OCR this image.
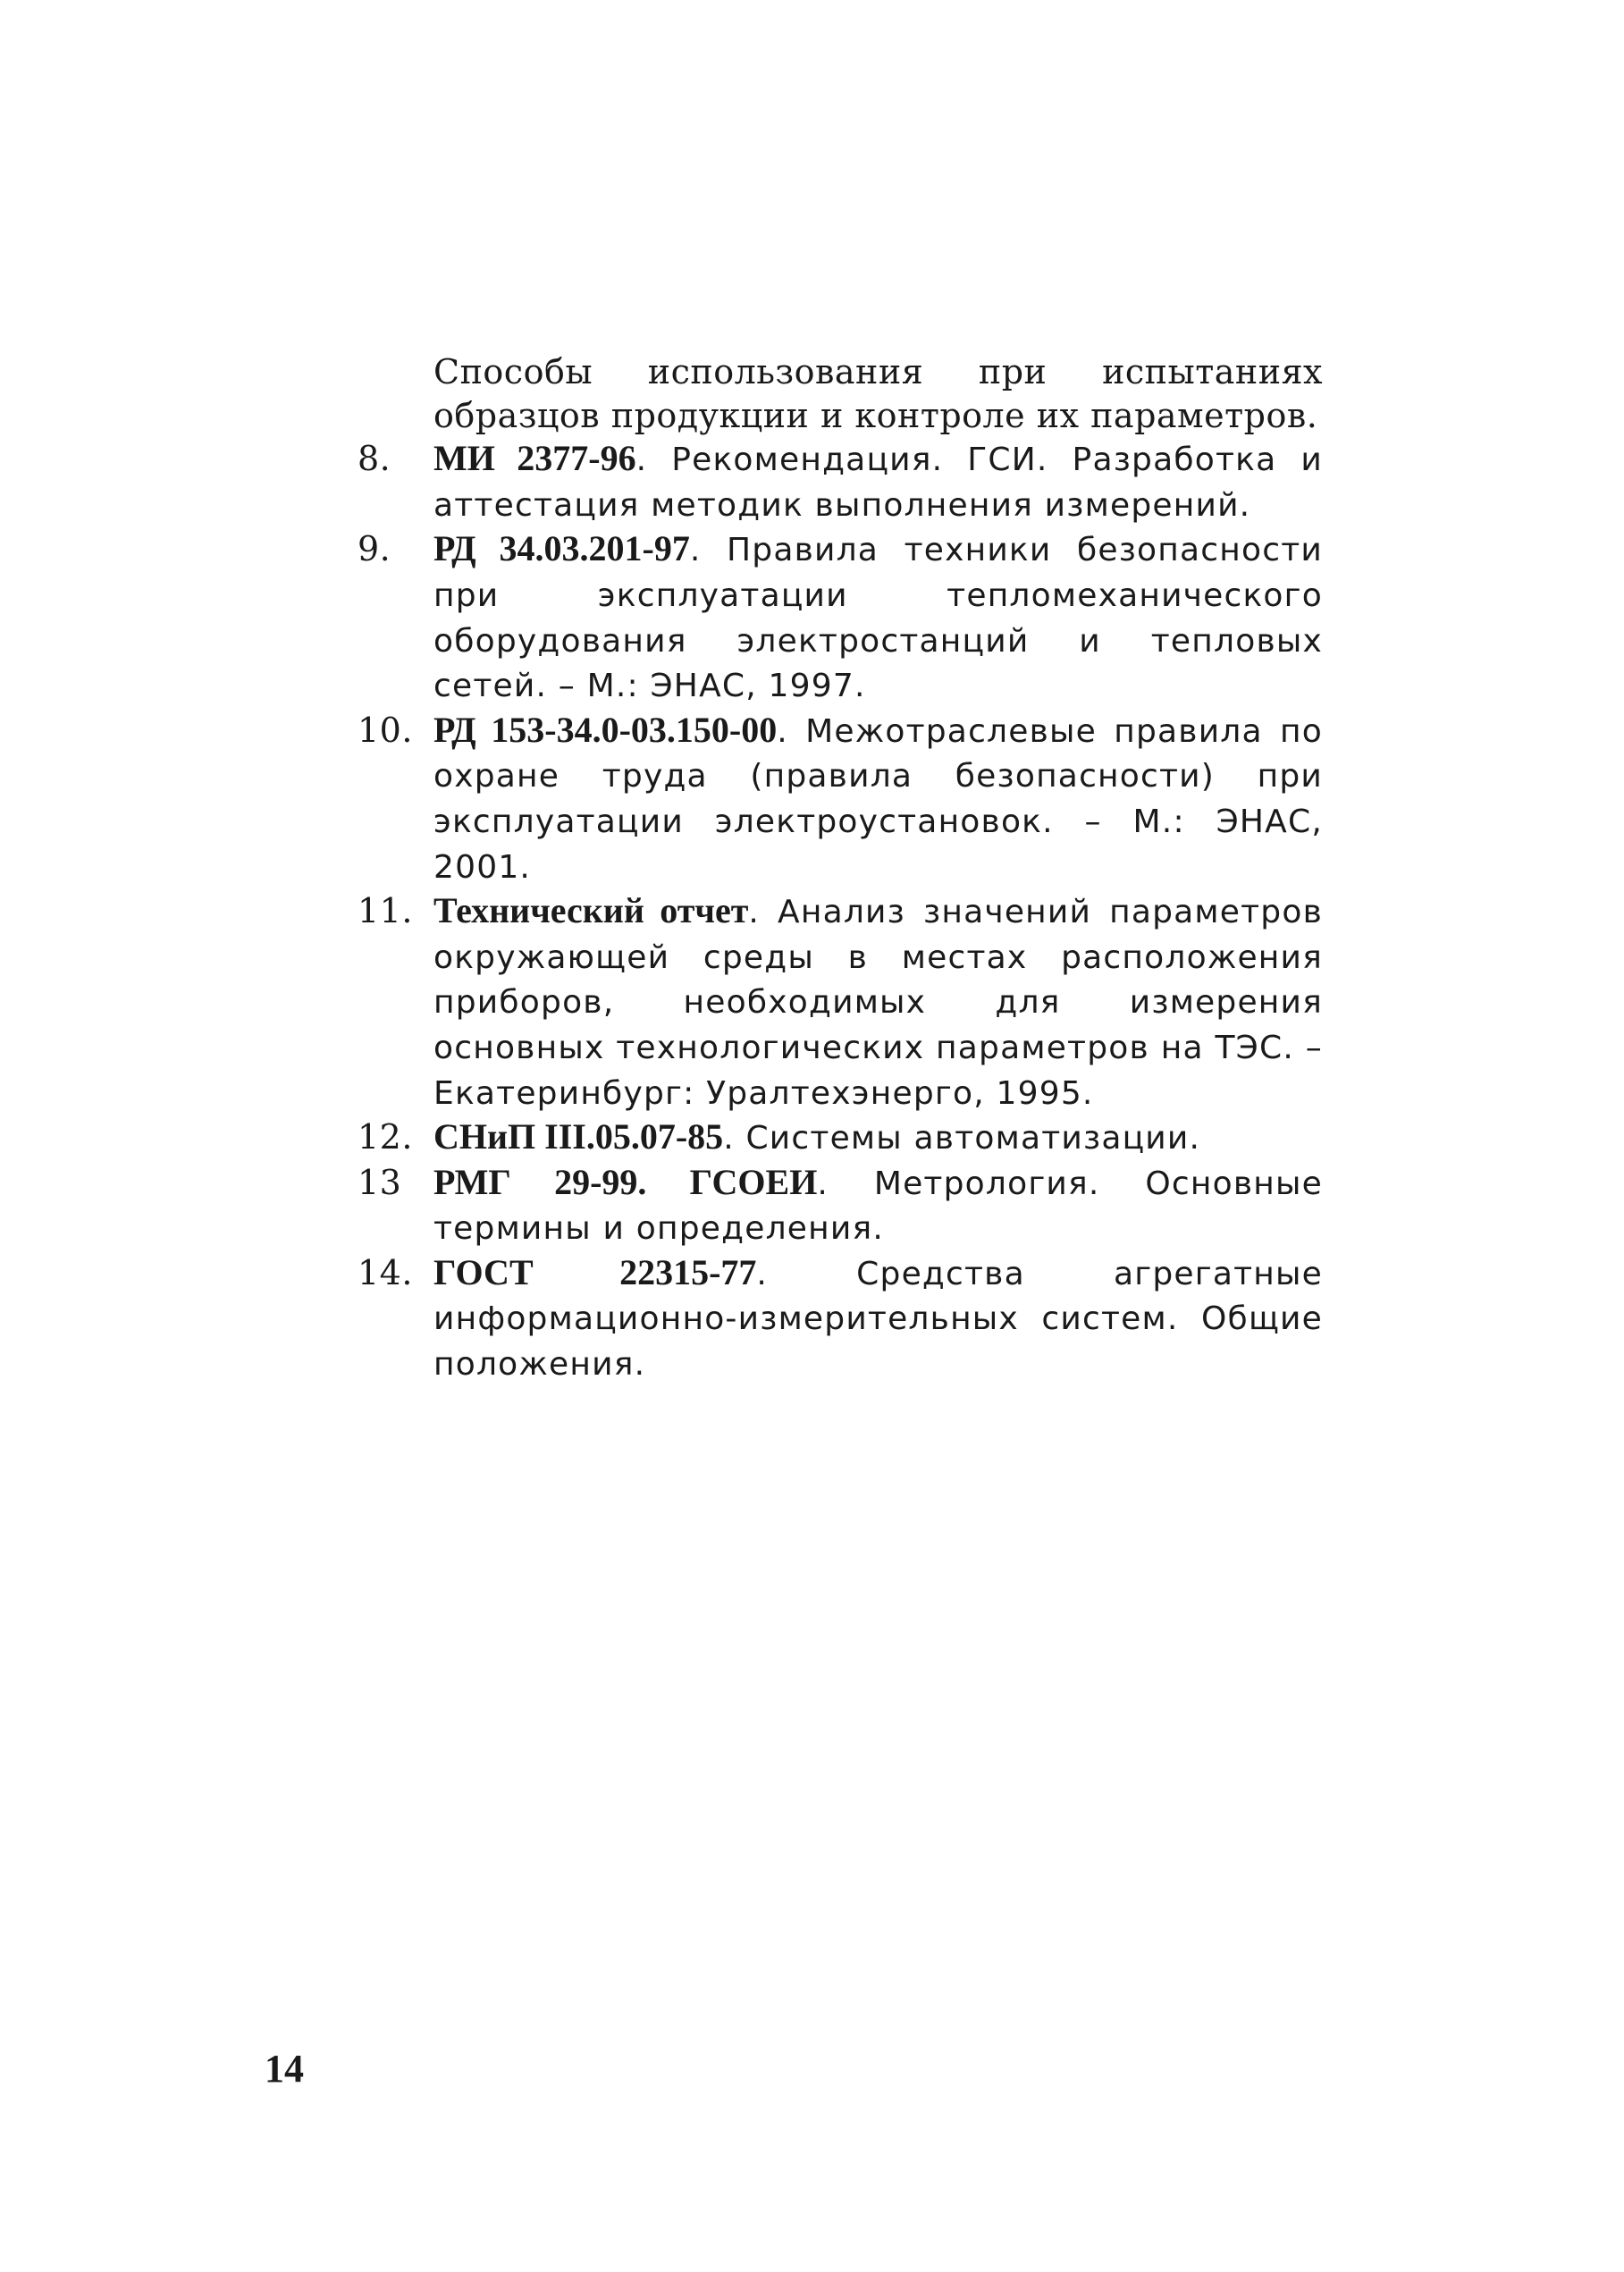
Способы использования при испытаниях образцов продукции и контроле их параметров.
8.	МИ 2377-96. Рекомендация. ГСИ. Разработка и аттестация методик выполнения измерений.
9.	РД 34.03.201-97. Правила техники безопасности при эксплуатации тепломеханического оборудования электростанций и тепловых сетей. – М.: ЭНАС, 1997.
10. РД 153-34.0-03.150-00. Межотраслевые правила по охране труда (правила безопасности) при эксплуатации электроустановок. – М.: ЭНАС, 2001.
11. Технический отчет. Анализ значений параметров окружающей среды в местах расположения приборов, необходимых для измерения основных технологических параметров на ТЭС. – Екатеринбург: Уралтехэнерго, 1995.
12. СНиП III.05.07-85. Системы автоматизации.
13 РМГ 29-99. ГСОЕИ. Метрология. Основные термины и определения.
14. ГОСТ 22315-77. Средства агрегатные информационно-измерительных систем. Общие положения.
14
